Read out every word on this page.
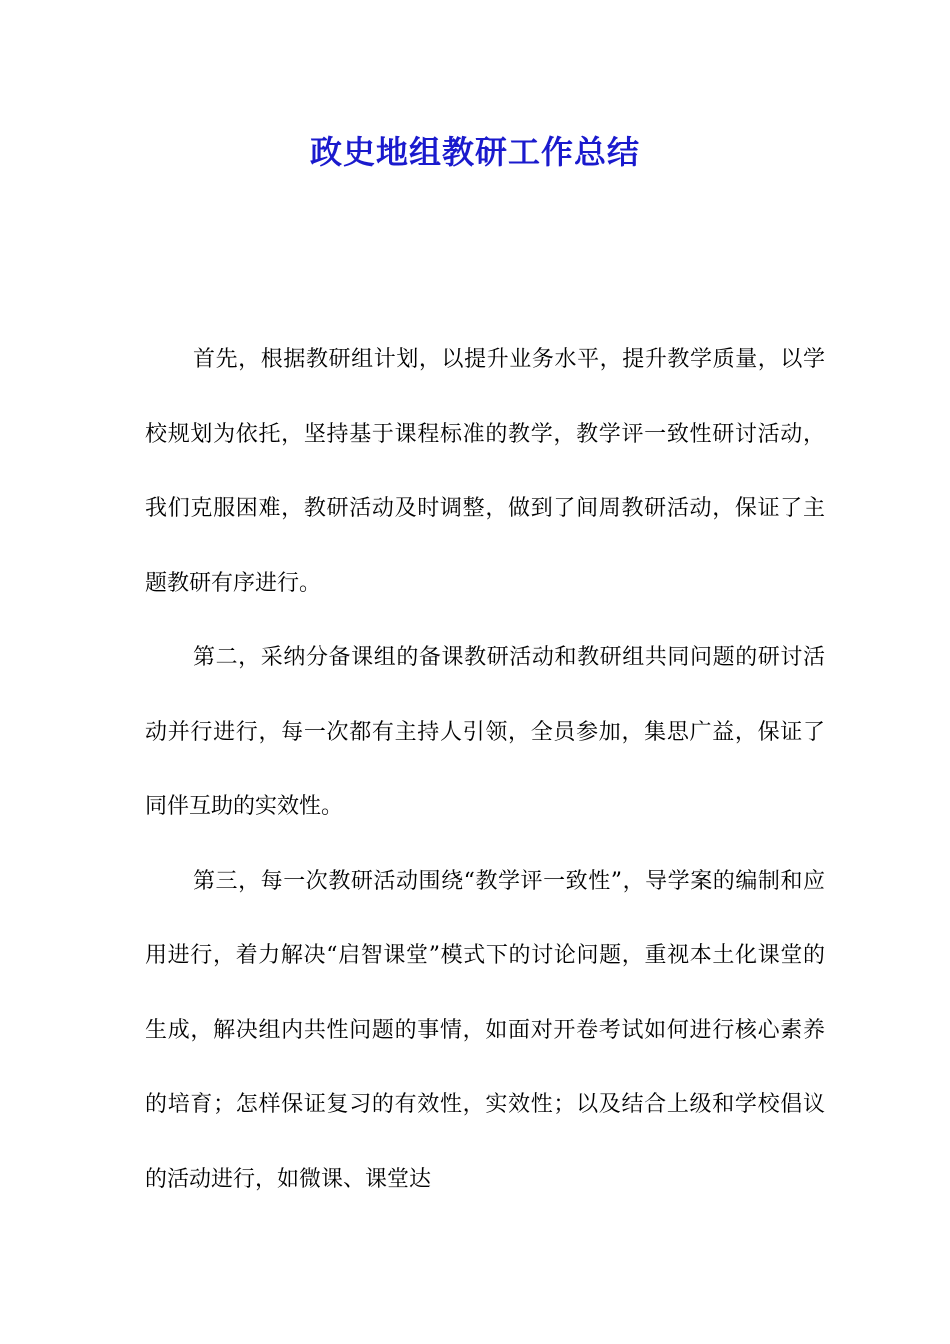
政史地组教研工作总结

首先，根据教研组计划，以提升业务水平，提升教学质量，以学校规划为依托，坚持基于课程标准的教学，教学评一致性研讨活动，我们克服困难，教研活动及时调整，做到了间周教研活动，保证了主题教研有序进行。

第二，采纳分备课组的备课教研活动和教研组共同问题的研讨活动并行进行，每一次都有主持人引领，全员参加，集思广益，保证了同伴互助的实效性。

第三，每一次教研活动围绕“教学评一致性”，导学案的编制和应用进行，着力解决“启智课堂”模式下的讨论问题，重视本土化课堂的生成，解决组内共性问题的事情，如面对开卷考试如何进行核心素养的培育；怎样保证复习的有效性，实效性；以及结合上级和学校倡议的活动进行，如微课、课堂达
